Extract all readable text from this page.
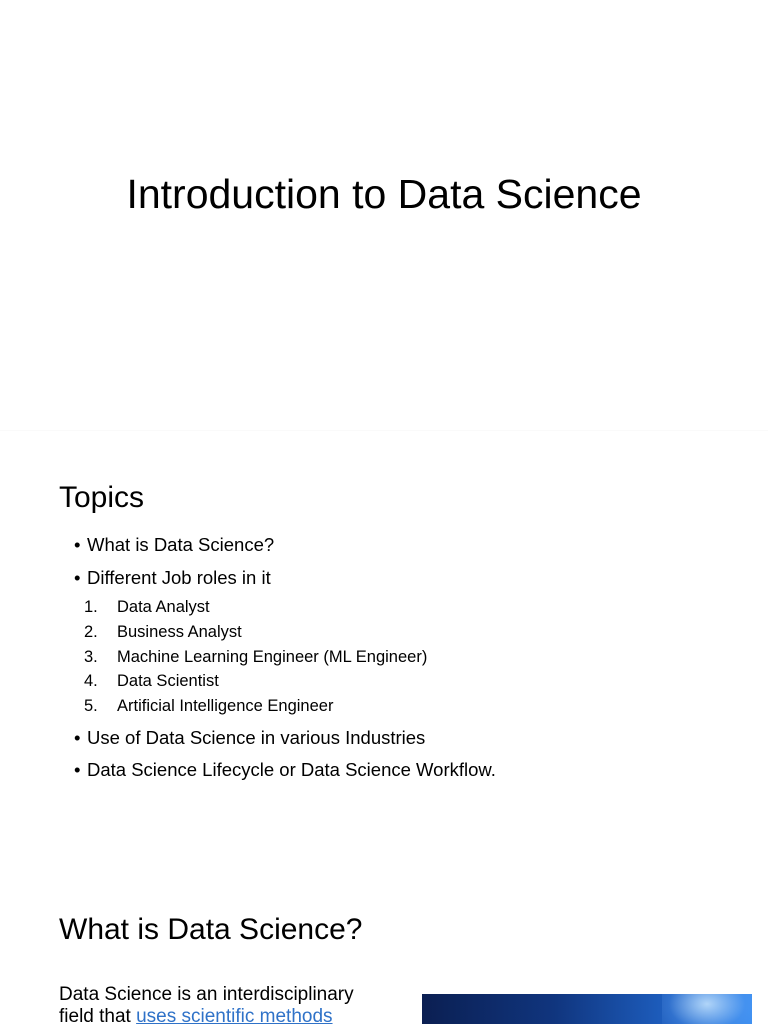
Introduction to Data Science
Topics
• What is Data Science?
• Different Job roles in it
1. Data Analyst
2. Business Analyst
3. Machine Learning Engineer (ML Engineer)
4. Data Scientist
5. Artificial Intelligence Engineer
• Use of Data Science in various Industries
• Data Science Lifecycle or Data Science Workflow.
What is Data Science?
Data Science is an interdisciplinary
field that uses scientific methods
